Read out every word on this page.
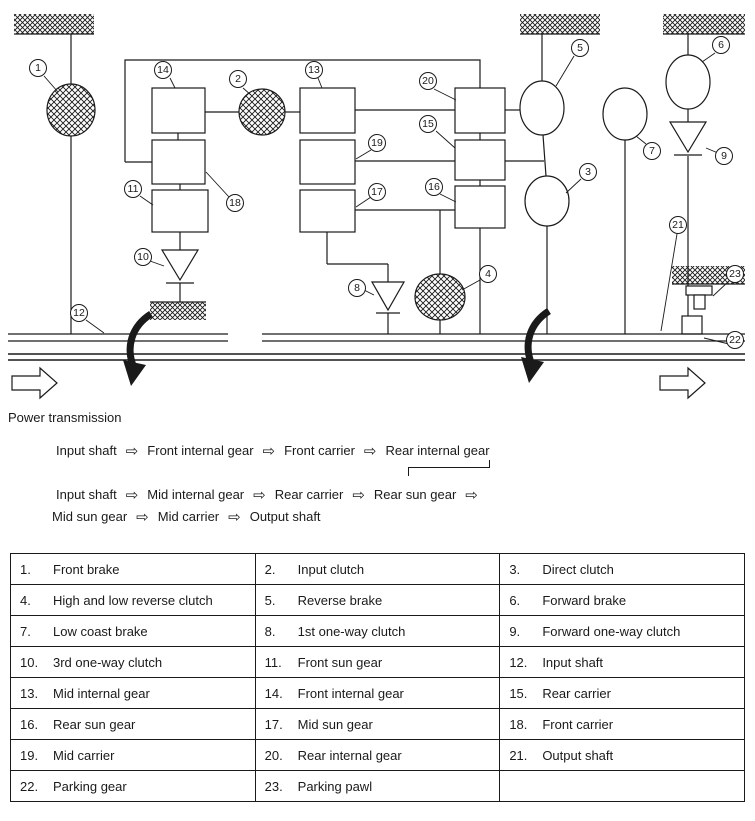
1
2
3
4
5	6
7
8
9
10
11
12
13
14
15
16
17
18
19
20
21
22
23
Power transmission
Input shaft ⇨ Front internal gear ⇨ Front carrier ⇨ Rear internal gear
Input shaft ⇨ Mid internal gear ⇨ Rear carrier ⇨ Rear sun gear ⇨
Mid sun gear ⇨ Mid carrier ⇨ Output shaft
1. Front brake	2. Input clutch	3. Direct clutch
4. High and low reverse clutch	5. Reverse brake	6. Forward brake
7. Low coast brake	8. 1st one-way clutch	9. Forward one-way clutch
10. 3rd one-way clutch	11. Front sun gear	12. Input shaft
13. Mid internal gear	14. Front internal gear	15. Rear carrier
16. Rear sun gear	17. Mid sun gear	18. Front carrier
19. Mid carrier	20. Rear internal gear	21. Output shaft
22. Parking gear	23. Parking pawl	
